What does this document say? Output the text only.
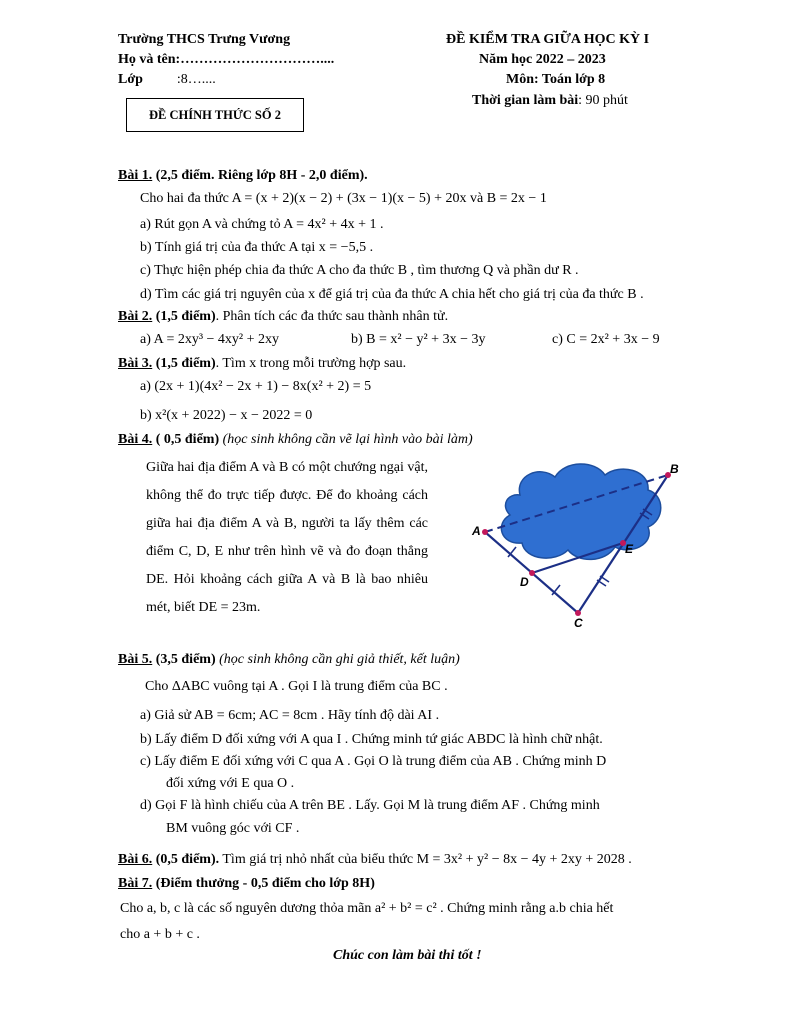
Trường THCS Trưng Vương	ĐỀ KIỂM TRA GIỮA HỌC KỲ I
Họ và tên:…………………………....	Năm học 2022 – 2023
Lớp :8…....	Môn: Toán lớp 8
Thời gian làm bài: 90 phút
ĐỀ CHÍNH THỨC SỐ 2
Bài 1. (2,5 điểm. Riêng lớp 8H - 2,0 điểm).
Cho hai đa thức A = (x + 2)(x − 2) + (3x − 1)(x − 5) + 20x và B = 2x − 1
a) Rút gọn A và chứng tỏ A = 4x² + 4x + 1 .
b) Tính giá trị của đa thức A tại x = −5,5 .
c) Thực hiện phép chia đa thức A cho đa thức B , tìm thương Q và phần dư R .
d) Tìm các giá trị nguyên của x để giá trị của đa thức A chia hết cho giá trị của đa thức B .
Bài 2. (1,5 điểm). Phân tích các đa thức sau thành nhân tử.
a) A = 2xy³ − 4xy² + 2xy	b) B = x² − y² + 3x − 3y	c) C = 2x² + 3x − 9
Bài 3. (1,5 điểm). Tìm x trong mỗi trường hợp sau.
a) (2x + 1)(4x² − 2x + 1) − 8x(x² + 2) = 5
b) x²(x + 2022) − x − 2022 = 0
Bài 4. ( 0,5 điểm) (học sinh không cần vẽ lại hình vào bài làm)
Giữa hai địa điểm A và B có một chướng ngại vật, không thể đo trực tiếp được. Để đo khoảng cách giữa hai địa điểm A và B, người ta lấy thêm các điểm C, D, E như trên hình vẽ và đo đoạn thẳng DE. Hỏi khoảng cách giữa A và B là bao nhiêu mét, biết DE = 23m.
A
B
C
D
E
Bài 5. (3,5 điểm) (học sinh không cần ghi giả thiết, kết luận)
Cho ΔABC vuông tại A . Gọi I là trung điểm của BC .
a) Giả sử AB = 6cm; AC = 8cm . Hãy tính độ dài AI .
b) Lấy điểm D đối xứng với A qua I . Chứng minh tứ giác ABDC là hình chữ nhật.
c) Lấy điểm E đối xứng với C qua A . Gọi O là trung điểm của AB . Chứng minh D
đối xứng với E qua O .
d) Gọi F là hình chiếu của A trên BE . Lấy. Gọi M là trung điểm AF . Chứng minh
BM vuông góc với CF .
Bài 6. (0,5 điểm). Tìm giá trị nhỏ nhất của biểu thức M = 3x² + y² − 8x − 4y + 2xy + 2028 .
Bài 7. (Điểm thưởng - 0,5 điểm cho lớp 8H)
Cho a, b, c là các số nguyên dương thỏa mãn a² + b² = c² . Chứng minh rằng a.b chia hết
cho a + b + c .
Chúc con làm bài thi tốt !
